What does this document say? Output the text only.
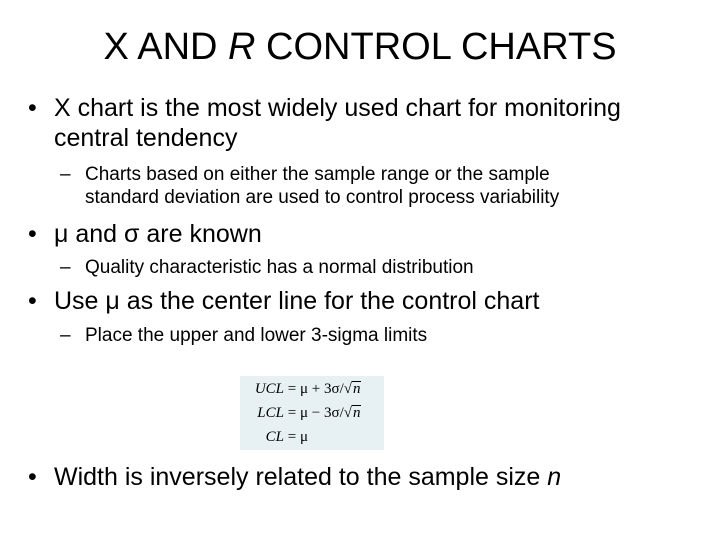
X AND R CONTROL CHARTS
• X chart is the most widely used chart for monitoring
central tendency
– Charts based on either the sample range or the sample
standard deviation are used to control process variability
• μ and σ are known
– Quality characteristic has a normal distribution
• Use μ as the center line for the control chart
– Place the upper and lower 3-sigma limits
UCL = μ + 3σ/√n
LCL = μ − 3σ/√n
CL = μ
• Width is inversely related to the sample size n
